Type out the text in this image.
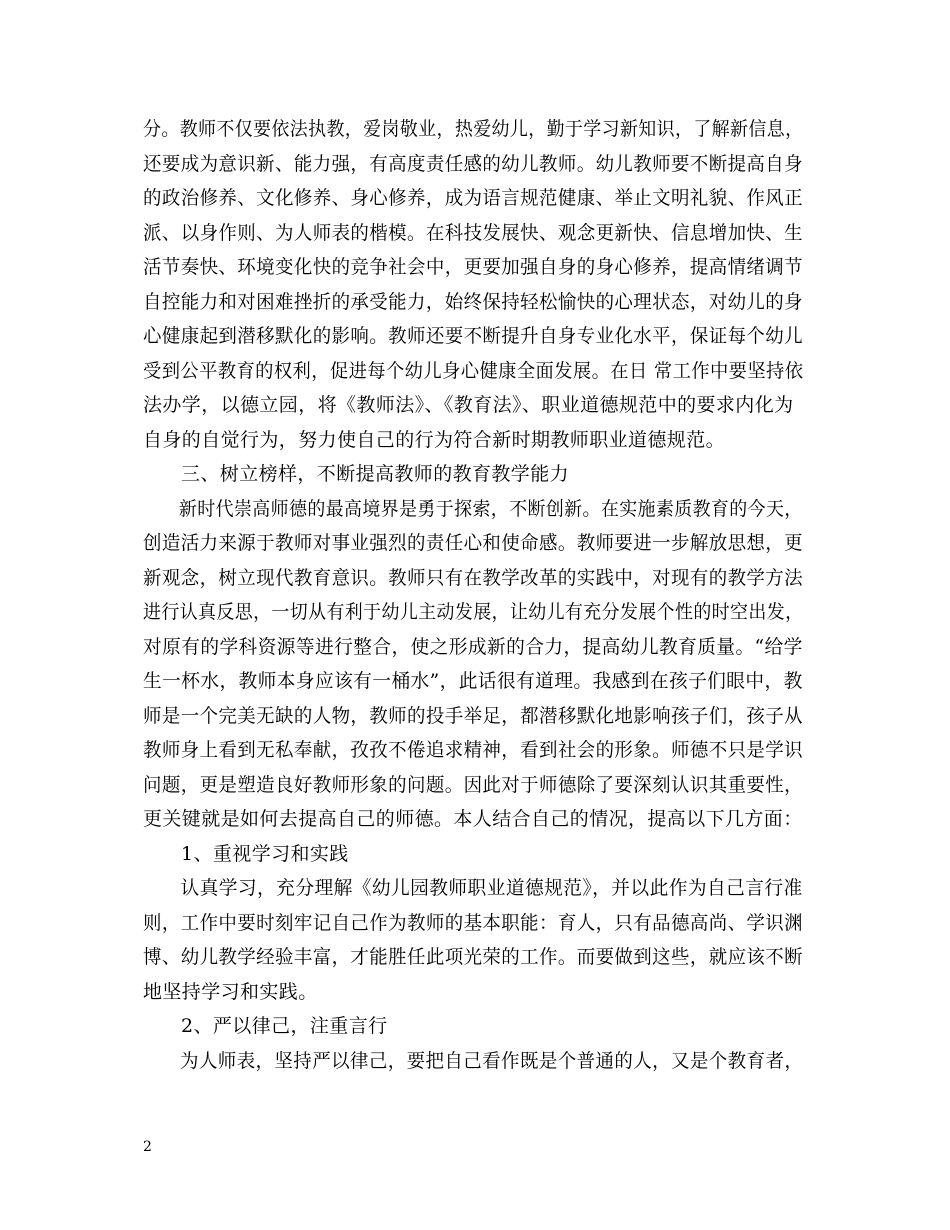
分。教师不仅要依法执教，爱岗敬业，热爱幼儿，勤于学习新知识，了解新信息，
还要成为意识新、能力强，有高度责任感的幼儿教师。幼儿教师要不断提高自身
的政治修养、文化修养、身心修养，成为语言规范健康、举止文明礼貌、作风正
派、以身作则、为人师表的楷模。在科技发展快、观念更新快、信息增加快、生
活节奏快、环境变化快的竞争社会中，更要加强自身的身心修养，提高情绪调节
自控能力和对困难挫折的承受能力，始终保持轻松愉快的心理状态，对幼儿的身
心健康起到潜移默化的影响。教师还要不断提升自身专业化水平，保证每个幼儿
受到公平教育的权利，促进每个幼儿身心健康全面发展。在日 常工作中要坚持依
法办学，以德立园，将《教师法》、《教育法》、职业道德规范中的要求内化为
自身的自觉行为，努力使自己的行为符合新时期教师职业道德规范。
三、树立榜样，不断提高教师的教育教学能力
新时代崇高师德的最高境界是勇于探索，不断创新。在实施素质教育的今天，
创造活力来源于教师对事业强烈的责任心和使命感。教师要进一步解放思想，更
新观念，树立现代教育意识。教师只有在教学改革的实践中，对现有的教学方法
进行认真反思，一切从有利于幼儿主动发展，让幼儿有充分发展个性的时空出发，
对原有的学科资源等进行整合，使之形成新的合力，提高幼儿教育质量。“给学
生一杯水，教师本身应该有一桶水”，此话很有道理。我感到在孩子们眼中，教
师是一个完美无缺的人物，教师的投手举足，都潜移默化地影响孩子们，孩子从
教师身上看到无私奉献，孜孜不倦追求精神，看到社会的形象。师德不只是学识
问题，更是塑造良好教师形象的问题。因此对于师德除了要深刻认识其重要性，
更关键就是如何去提高自己的师德。本人结合自己的情况，提高以下几方面：
1、重视学习和实践
认真学习，充分理解《幼儿园教师职业道德规范》，并以此作为自己言行准
则，工作中要时刻牢记自己作为教师的基本职能：育人，只有品德高尚、学识渊
博、幼儿教学经验丰富，才能胜任此项光荣的工作。而要做到这些，就应该不断
地坚持学习和实践。
2、严以律己，注重言行
为人师表，坚持严以律己，要把自己看作既是个普通的人，又是个教育者，
2
